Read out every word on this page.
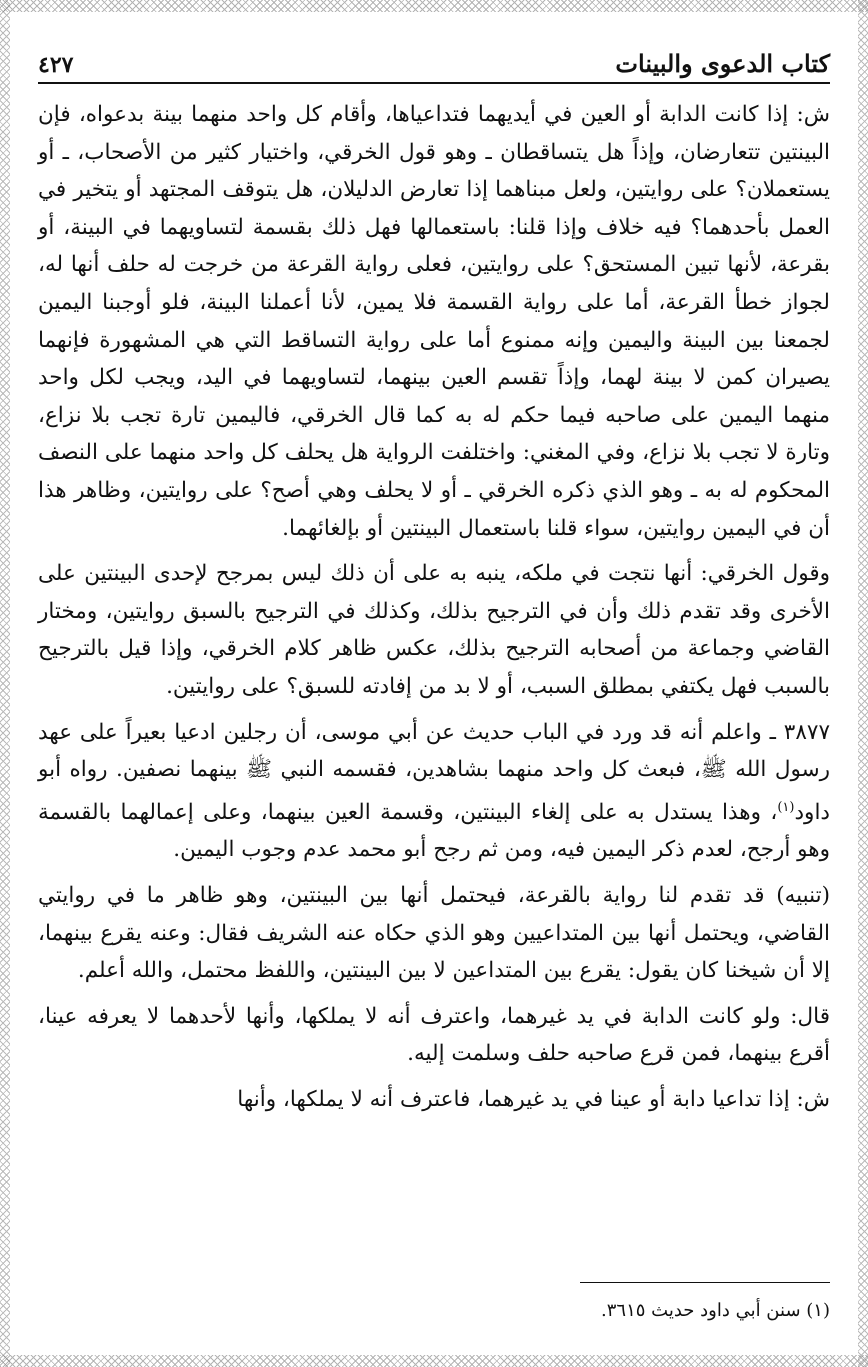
كتاب الدعوى والبينات
٤٢٧

ش: إذا كانت الدابة أو العين في أيديهما فتداعياها، وأقام كل واحد منهما بينة بدعواه، فإن البينتين تتعارضان، وإذاً هل يتساقطان ـ وهو قول الخرقي، واختيار كثير من الأصحاب، ـ أو يستعملان؟ على روايتين، ولعل مبناهما إذا تعارض الدليلان، هل يتوقف المجتهد أو يتخير في العمل بأحدهما؟ فيه خلاف وإذا قلنا: باستعمالها فهل ذلك بقسمة لتساويهما في البينة، أو بقرعة، لأنها تبين المستحق؟ على روايتين، فعلى رواية القرعة من خرجت له حلف أنها له، لجواز خطأ القرعة، أما على رواية القسمة فلا يمين، لأنا أعملنا البينة، فلو أوجبنا اليمين لجمعنا بين البينة واليمين وإنه ممنوع أما على رواية التساقط التي هي المشهورة فإنهما يصيران كمن لا بينة لهما، وإذاً تقسم العين بينهما، لتساويهما في اليد، ويجب لكل واحد منهما اليمين على صاحبه فيما حكم له به كما قال الخرقي، فاليمين تارة تجب بلا نزاع، وتارة لا تجب بلا نزاع، وفي المغني: واختلفت الرواية هل يحلف كل واحد منهما على النصف المحكوم له به ـ وهو الذي ذكره الخرقي ـ أو لا يحلف وهي أصح؟ على روايتين، وظاهر هذا أن في اليمين روايتين، سواء قلنا باستعمال البينتين أو بإلغائهما.

وقول الخرقي: أنها نتجت في ملكه، ينبه به على أن ذلك ليس بمرجح لإحدى البينتين على الأخرى وقد تقدم ذلك وأن في الترجيح بذلك، وكذلك في الترجيح بالسبق روايتين، ومختار القاضي وجماعة من أصحابه الترجيح بذلك، عكس ظاهر كلام الخرقي، وإذا قيل بالترجيح بالسبب فهل يكتفي بمطلق السبب، أو لا بد من إفادته للسبق؟ على روايتين.

٣٨٧٧ ـ واعلم أنه قد ورد في الباب حديث عن أبي موسى، أن رجلين ادعيا بعيراً على عهد رسول الله ﷺ، فبعث كل واحد منهما بشاهدين، فقسمه النبي ﷺ بينهما نصفين. رواه أبو داود$^{(١)}$، وهذا يستدل به على إلغاء البينتين، وقسمة العين بينهما، وعلى إعمالهما بالقسمة وهو أرجح، لعدم ذكر اليمين فيه، ومن ثم رجح أبو محمد عدم وجوب اليمين.

(تنبيه) قد تقدم لنا رواية بالقرعة، فيحتمل أنها بين البينتين، وهو ظاهر ما في روايتي القاضي، ويحتمل أنها بين المتداعيين وهو الذي حكاه عنه الشريف فقال: وعنه يقرع بينهما، إلا أن شيخنا كان يقول: يقرع بين المتداعين لا بين البينتين، واللفظ محتمل، والله أعلم.

قال: ولو كانت الدابة في يد غيرهما، واعترف أنه لا يملكها، وأنها لأحدهما لا يعرفه عينا، أقرع بينهما، فمن قرع صاحبه حلف وسلمت إليه.

ش: إذا تداعيا دابة أو عينا في يد غيرهما، فاعترف أنه لا يملكها، وأنها

(١) سنن أبي داود حديث ٣٦١٥.
